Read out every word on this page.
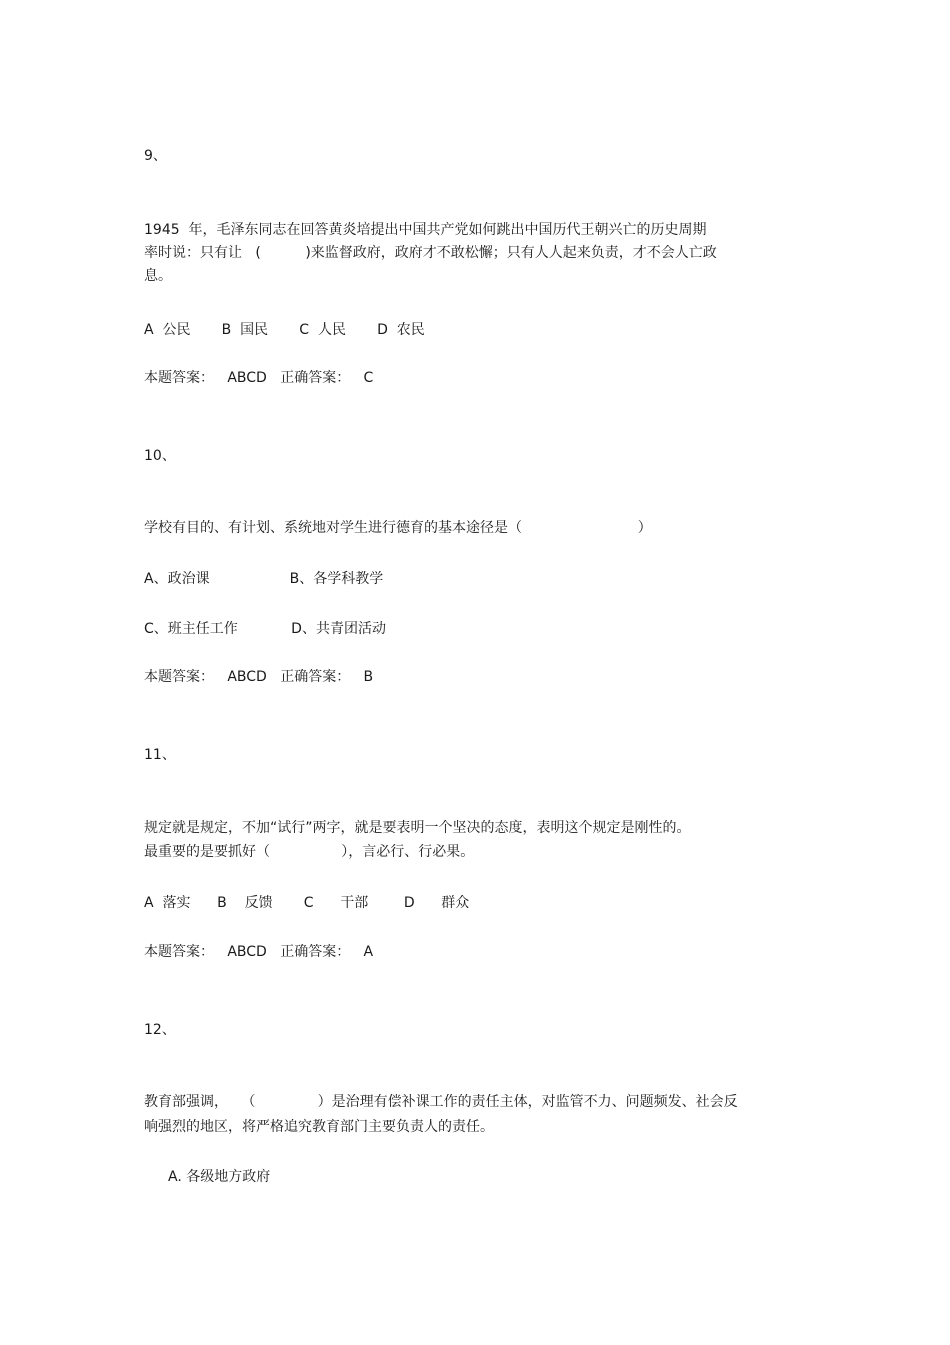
9、
1945  年，毛泽东同志在回答黄炎培提出中国共产党如何跳出中国历代王朝兴亡的历史周期
率时说：只有让   (          )来监督政府，政府才不敢松懈；只有人人起来负责，才不会人亡政
息。
A  公民       B  国民       C  人民       D  农民
本题答案：   ABCD   正确答案：   C
10、
学校有目的、有计划、系统地对学生进行德育的基本途径是（                          ）
A、政治课                  B、各学科教学
C、班主任工作            D、共青团活动
本题答案：   ABCD   正确答案：   B
11、
规定就是规定，不加“试行”两字，就是要表明一个坚决的态度，表明这个规定是刚性的。
最重要的是要抓好（                ），言必行、行必果。
A  落实      B    反馈       C      干部        D      群众
本题答案：   ABCD   正确答案：   A
12、
教育部强调，   （              ）是治理有偿补课工作的责任主体，对监管不力、问题频发、社会反
响强烈的地区，将严格追究教育部门主要负责人的责任。
A. 各级地方政府
